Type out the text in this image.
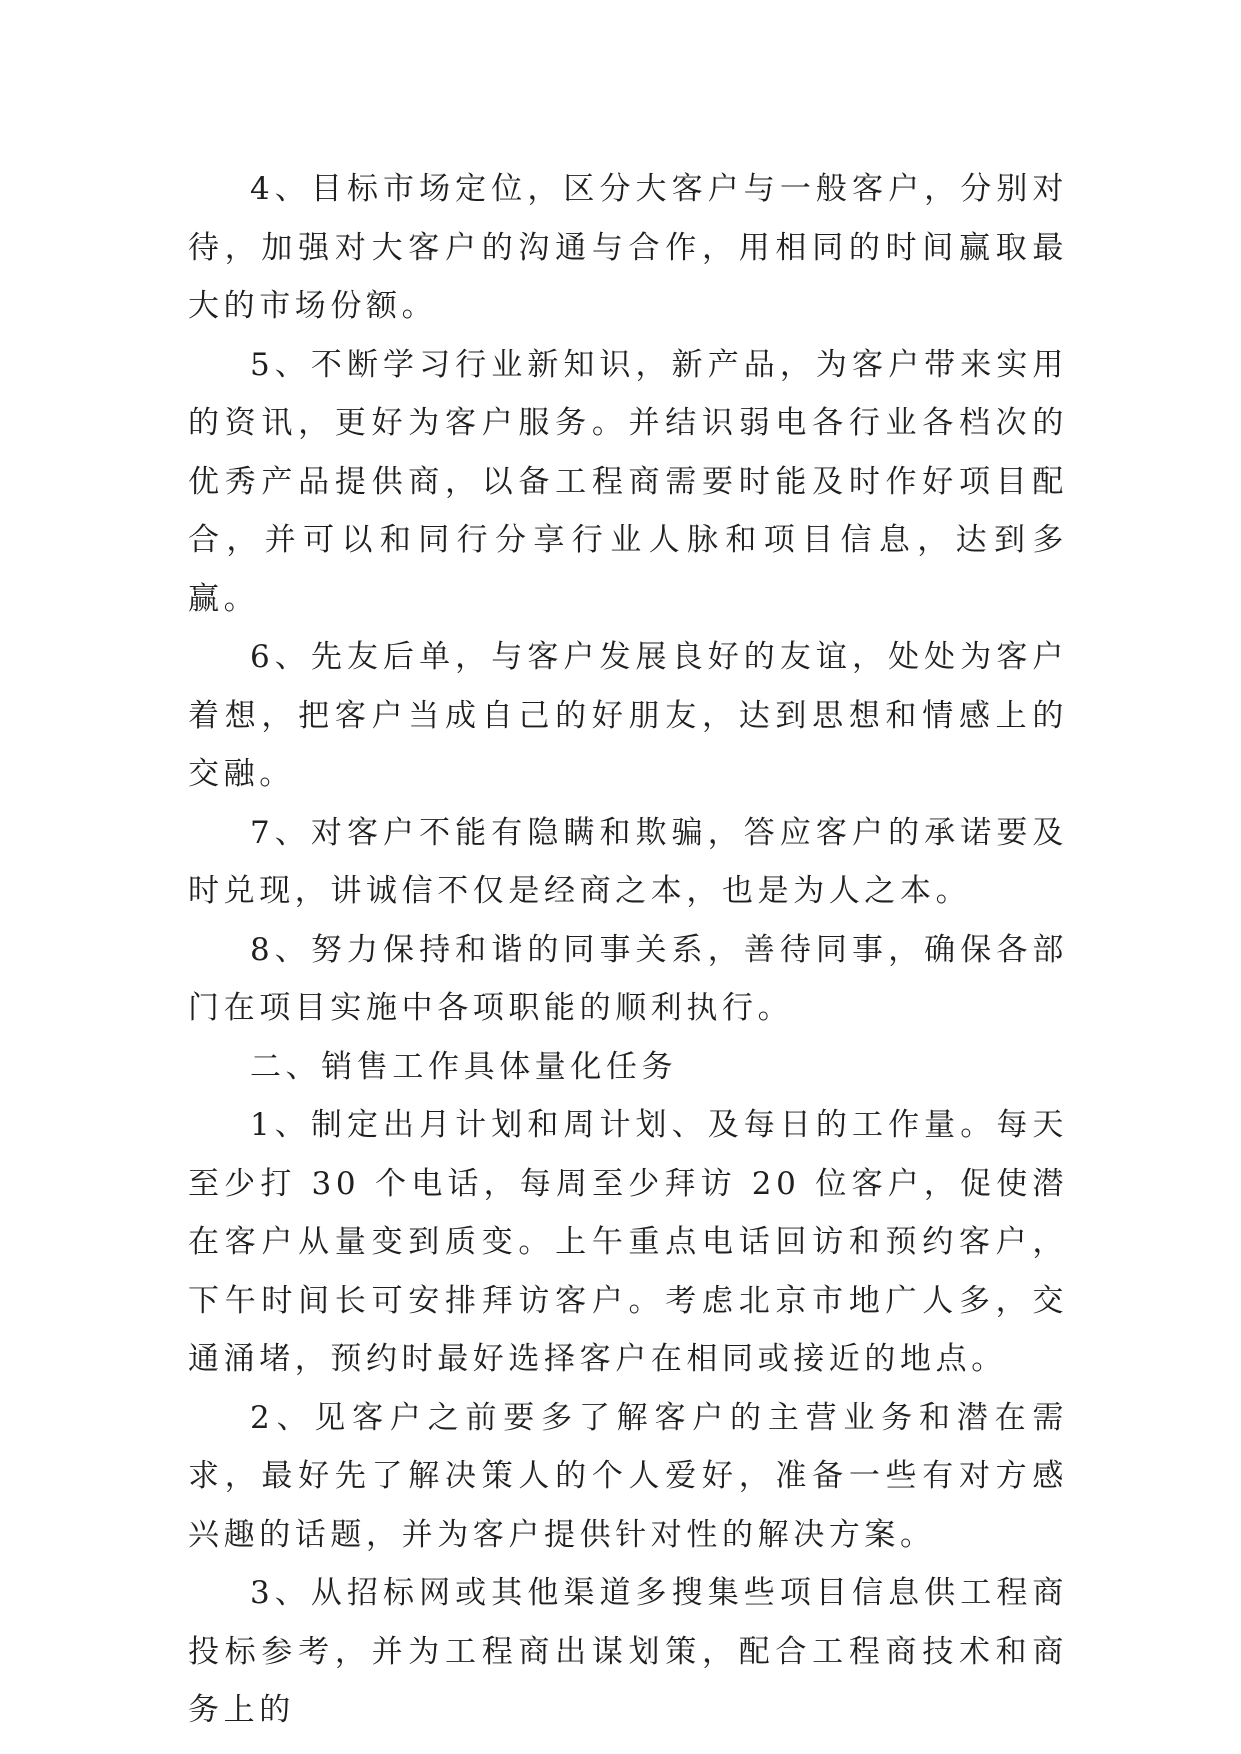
4、目标市场定位，区分大客户与一般客户，分别对待，加强对大客户的沟通与合作，用相同的时间赢取最大的市场份额。

5、不断学习行业新知识，新产品，为客户带来实用的资讯，更好为客户服务。并结识弱电各行业各档次的优秀产品提供商，以备工程商需要时能及时作好项目配合，并可以和同行分享行业人脉和项目信息，达到多赢。

6、先友后单，与客户发展良好的友谊，处处为客户着想，把客户当成自己的好朋友，达到思想和情感上的交融。

7、对客户不能有隐瞒和欺骗，答应客户的承诺要及时兑现，讲诚信不仅是经商之本，也是为人之本。

8、努力保持和谐的同事关系，善待同事，确保各部门在项目实施中各项职能的顺利执行。

二、销售工作具体量化任务

1、制定出月计划和周计划、及每日的工作量。每天至少打 30 个电话，每周至少拜访 20 位客户，促使潜在客户从量变到质变。上午重点电话回访和预约客户，下午时间长可安排拜访客户。考虑北京市地广人多，交通涌堵，预约时最好选择客户在相同或接近的地点。

2、见客户之前要多了解客户的主营业务和潜在需求，最好先了解决策人的个人爱好，准备一些有对方感兴趣的话题，并为客户提供针对性的解决方案。

3、从招标网或其他渠道多搜集些项目信息供工程商投标参考，并为工程商出谋划策，配合工程商技术和商务上的
